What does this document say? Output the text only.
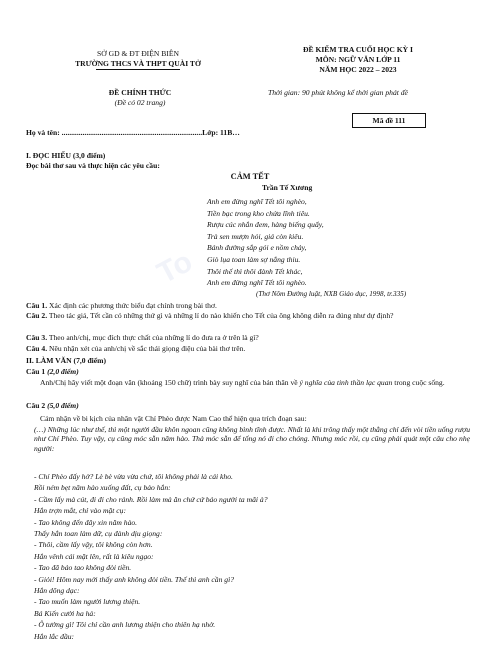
To
SỞ GD & ĐT ĐIỆN BIÊN
TRƯỜNG THCS VÀ THPT QUÀI TỞ
ĐỀ KIỂM TRA CUỐI HỌC KỲ I
MÔN: NGỮ VĂN LỚP 11
NĂM HỌC 2022 – 2023
ĐỀ CHÍNH THỨC
(Đề có 02 trang)
Thời gian: 90 phút không kể thời gian phát đề
Mã đề 111
Họ và tên: ..........................................................................Lớp: 11B…
I. ĐỌC HIỂU (3,0 điểm)
Đọc bài thơ sau và thực hiện các yêu cầu:
CẢM TẾT
Trần Tế Xương
Anh em đừng nghĩ Tết tôi nghèo,
Tiền bạc trong kho chửa lĩnh tiêu.
Rượu cúc nhắn đem, hàng biếng quẩy,
Trà sen mượn hỏi, giá còn kiêu.
Bánh đường sắp gói e nồm chảy,
Giò lụa toan làm sợ nắng thiu.
Thôi thế thì thôi đành Tết khác,
Anh em đừng nghĩ Tết tôi nghèo.
(Thơ Nôm Đường luật, NXB Giáo dục, 1998, tr.335)
Câu 1. Xác định các phương thức biểu đạt chính trong bài thơ.
Câu 2. Theo tác giả, Tết cần có những thứ gì và những lí do nào khiến cho Tết của ông không diễn ra đúng như dự định?
Câu 3. Theo anh/chị, mục đích thực chất của những lí do đưa ra ở trên là gì?
Câu 4. Nêu nhận xét của anh/chị về sắc thái giọng điệu của bài thơ trên.
II. LÀM VĂN (7,0 điểm)
Câu 1 (2,0 điểm)
Anh/Chị hãy viết một đoạn văn (khoảng 150 chữ) trình bày suy nghĩ của bản thân về ý nghĩa của tinh thần lạc quan trong cuộc sống.
Câu 2 (5,0 điểm)
Cảm nhận về bi kịch của nhân vật Chí Phèo được Nam Cao thể hiện qua trích đoạn sau:
(…) Những lúc như thế, thì một người đầu khôn ngoan cũng không bình tĩnh được. Nhất là khi trông thấy một thằng chỉ đến vòi tiền uống rượu như Chí Phèo. Tuy vậy, cụ cũng móc sẵn năm hào. Thà móc sẵn để tống nó đi cho chóng. Nhưng móc rồi, cụ cũng phải quát một câu cho nhẹ người:
- Chí Phèo đấy hở? Lè bè vừa vừa chứ, tôi không phải là cái kho.
Rồi ném bẹt năm hào xuống đất, cụ bảo hắn:
- Cầm lấy mà cút, đi đi cho rảnh. Rồi làm mà ăn chứ cứ báo người ta mãi à?
Hắn trợn mắt, chỉ vào mặt cụ:
- Tao không đến đây xin năm hào.
Thấy hắn toan làm dữ, cụ đành dịu giọng:
- Thôi, cầm lấy vậy, tôi không còn hơn.
Hắn vênh cái mặt lên, rất là kiêu ngạo:
- Tao đã bảo tao không đòi tiền.
- Giỏi! Hôm nay mới thấy anh không đòi tiền. Thế thì anh cần gì?
Hắn dõng dạc:
- Tao muốn làm người lương thiện.
Bá Kiến cười ha hả:
- Ô tưởng gì! Tôi chỉ cần anh lương thiện cho thiên hạ nhờ.
Hắn lắc đầu:
